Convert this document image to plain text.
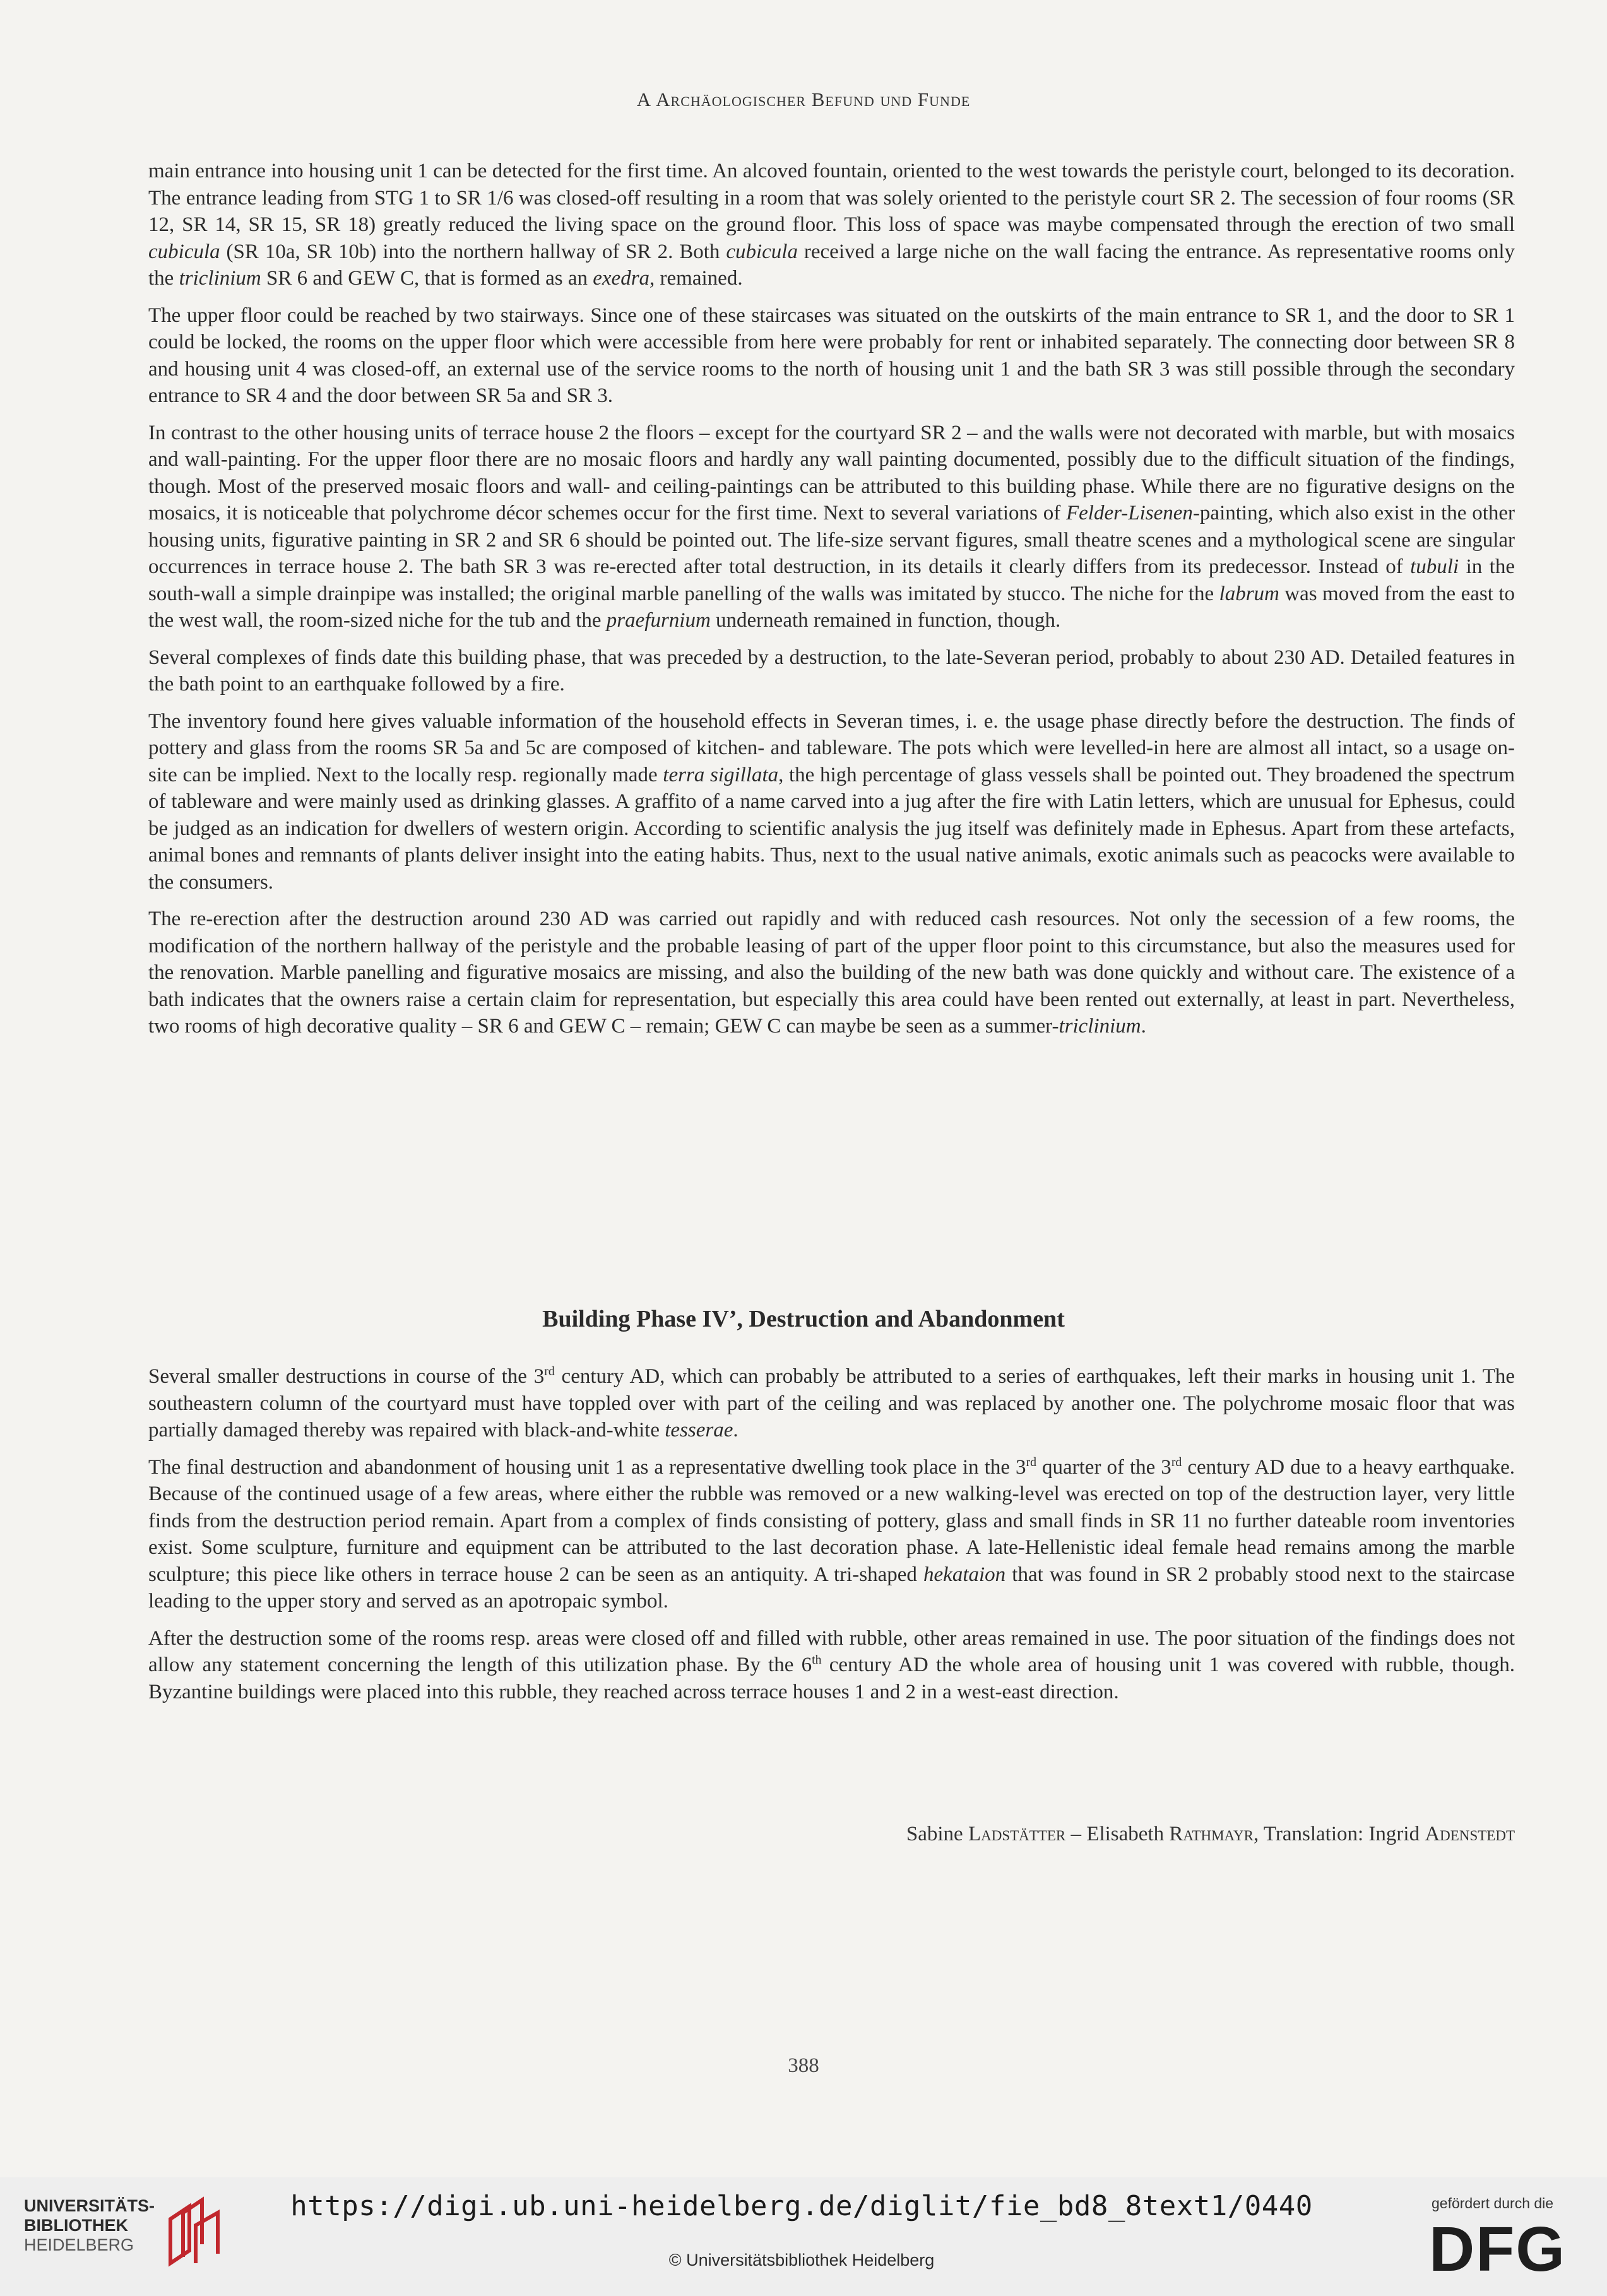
A Archäologischer Befund und Funde

main entrance into housing unit 1 can be detected for the first time. An alcoved fountain, oriented to the west towards the peristyle court, belonged to its decoration. The entrance leading from STG 1 to SR 1/6 was closed-off resulting in a room that was solely oriented to the peristyle court SR 2. The secession of four rooms (SR 12, SR 14, SR 15, SR 18) greatly reduced the living space on the ground floor. This loss of space was maybe compensated through the erection of two small cubicula (SR 10a, SR 10b) into the northern hallway of SR 2. Both cubicula received a large niche on the wall facing the entrance. As representative rooms only the triclinium SR 6 and GEW C, that is formed as an exedra, remained.

The upper floor could be reached by two stairways. Since one of these staircases was situated on the outskirts of the main entrance to SR 1, and the door to SR 1 could be locked, the rooms on the upper floor which were accessible from here were probably for rent or inhabited separately. The connecting door between SR 8 and housing unit 4 was closed-off, an external use of the service rooms to the north of housing unit 1 and the bath SR 3 was still possible through the secondary entrance to SR 4 and the door between SR 5a and SR 3.

In contrast to the other housing units of terrace house 2 the floors – except for the courtyard SR 2 – and the walls were not decorated with marble, but with mosaics and wall-painting. For the upper floor there are no mosaic floors and hardly any wall painting documented, possibly due to the difficult situation of the findings, though. Most of the preserved mosaic floors and wall- and ceiling-paintings can be attributed to this building phase. While there are no figurative designs on the mosaics, it is noticeable that polychrome décor schemes occur for the first time. Next to several variations of Felder-Lisenen-painting, which also exist in the other housing units, figurative painting in SR 2 and SR 6 should be pointed out. The life-size servant figures, small theatre scenes and a mythological scene are singular occurrences in terrace house 2. The bath SR 3 was re-erected after total destruction, in its details it clearly differs from its predecessor. Instead of tubuli in the south-wall a simple drainpipe was installed; the original marble panelling of the walls was imitated by stucco. The niche for the labrum was moved from the east to the west wall, the room-sized niche for the tub and the praefurnium underneath remained in function, though.

Several complexes of finds date this building phase, that was preceded by a destruction, to the late-Severan period, probably to about 230 AD. Detailed features in the bath point to an earthquake followed by a fire.

The inventory found here gives valuable information of the household effects in Severan times, i. e. the usage phase directly before the destruction. The finds of pottery and glass from the rooms SR 5a and 5c are composed of kitchen- and tableware. The pots which were levelled-in here are almost all intact, so a usage on-site can be implied. Next to the locally resp. regionally made terra sigillata, the high percentage of glass vessels shall be pointed out. They broadened the spectrum of tableware and were mainly used as drinking glasses. A graffito of a name carved into a jug after the fire with Latin letters, which are unusual for Ephesus, could be judged as an indication for dwellers of western origin. According to scientific analysis the jug itself was definitely made in Ephesus. Apart from these artefacts, animal bones and remnants of plants deliver insight into the eating habits. Thus, next to the usual native animals, exotic animals such as peacocks were available to the consumers.

The re-erection after the destruction around 230 AD was carried out rapidly and with reduced cash resources. Not only the secession of a few rooms, the modification of the northern hallway of the peristyle and the probable leasing of part of the upper floor point to this circumstance, but also the measures used for the renovation. Marble panelling and figurative mosaics are missing, and also the building of the new bath was done quickly and without care. The existence of a bath indicates that the owners raise a certain claim for representation, but especially this area could have been rented out externally, at least in part. Nevertheless, two rooms of high decorative quality – SR 6 and GEW C – remain; GEW C can maybe be seen as a summer-triclinium.

Building Phase IV’, Destruction and Abandonment

Several smaller destructions in course of the 3rd century AD, which can probably be attributed to a series of earthquakes, left their marks in housing unit 1. The southeastern column of the courtyard must have toppled over with part of the ceiling and was replaced by another one. The polychrome mosaic floor that was partially damaged thereby was repaired with black-and-white tesserae.

The final destruction and abandonment of housing unit 1 as a representative dwelling took place in the 3rd quarter of the 3rd century AD due to a heavy earthquake. Because of the continued usage of a few areas, where either the rubble was removed or a new walking-level was erected on top of the destruction layer, very little finds from the destruction period remain. Apart from a complex of finds consisting of pottery, glass and small finds in SR 11 no further dateable room inventories exist. Some sculpture, furniture and equipment can be attributed to the last decoration phase. A late-Hellenistic ideal female head remains among the marble sculpture; this piece like others in terrace house 2 can be seen as an antiquity. A tri-shaped hekataion that was found in SR 2 probably stood next to the staircase leading to the upper story and served as an apotropaic symbol.

After the destruction some of the rooms resp. areas were closed off and filled with rubble, other areas remained in use. The poor situation of the findings does not allow any statement concerning the length of this utilization phase. By the 6th century AD the whole area of housing unit 1 was covered with rubble, though. Byzantine buildings were placed into this rubble, they reached across terrace houses 1 and 2 in a west-east direction.

Sabine Ladstätter – Elisabeth Rathmayr, Translation: Ingrid Adenstedt
388
UNIVERSITÄTS-
BIBLIOTHEK
HEIDELBERG
https://digi.ub.uni-heidelberg.de/diglit/fie_bd8_8text1/0440
© Universitätsbibliothek Heidelberg
gefördert durch die
DFG
